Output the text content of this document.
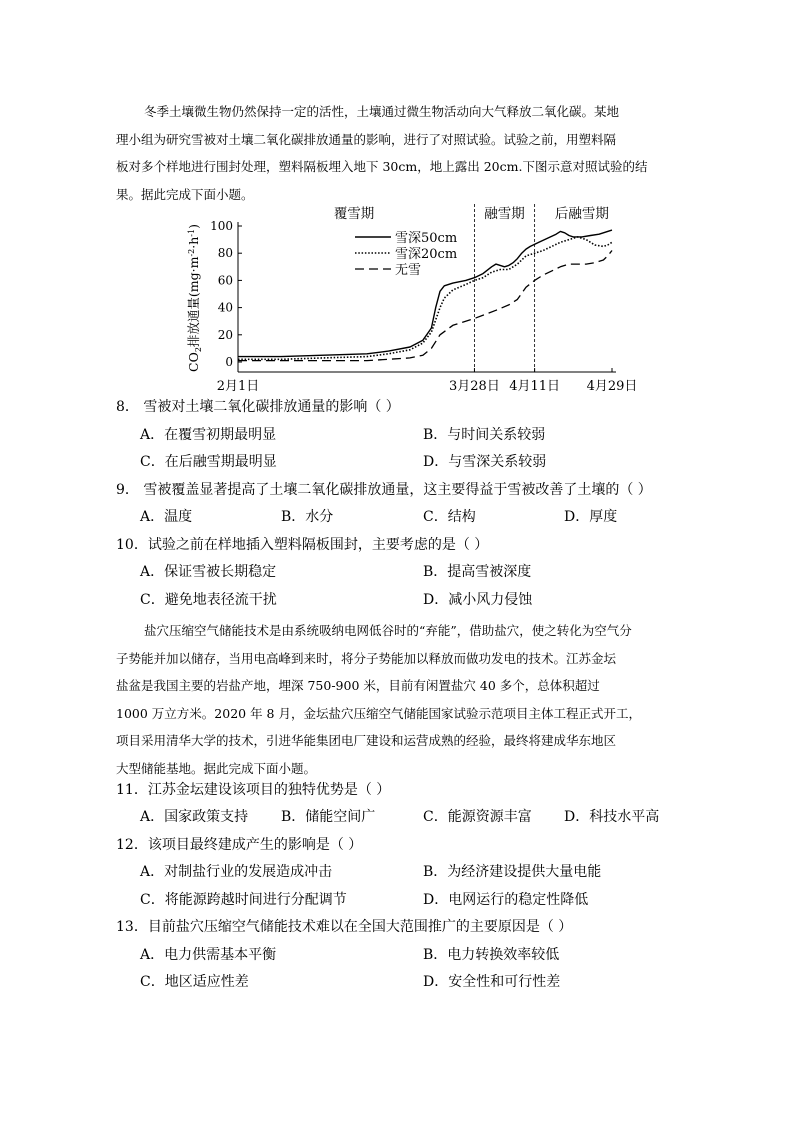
冬季土壤微生物仍然保持一定的活性，土壤通过微生物活动向大气释放二氧化碳。某地
理小组为研究雪被对土壤二氧化碳排放通量的影响，进行了对照试验。试验之前，用塑料隔
板对多个样地进行围封处理，塑料隔板埋入地下 30cm，地上露出 20cm.下图示意对照试验的结
果。据此完成下面小题。

0
20
40
60
80
100
2月1日	3月28日 4月11日 4月29日
覆雪期	融雪期 后融雪期
$CO_2$排放通量$(mg\cdot m^{-2}\cdot h^{-1})$
雪深50cm
雪深20cm
无雪

8． 雪被对土壤二氧化碳排放通量的影响（ ）

A．在覆雪初期最明显	B．与时间关系较弱
C．在后融雪期最明显	D．与雪深关系较弱

9． 雪被覆盖显著提高了土壤二氧化碳排放通量，这主要得益于雪被改善了土壤的（ ）

A．温度	B．水分	C．结构	D．厚度

10．试验之前在样地插入塑料隔板围封，主要考虑的是（ ）

A．保证雪被长期稳定	B．提高雪被深度
C．避免地表径流干扰	D．减小风力侵蚀

盐穴压缩空气储能技术是由系统吸纳电网低谷时的“弃能”，借助盐穴，使之转化为空气分
子势能并加以储存，当用电高峰到来时，将分子势能加以释放而做功发电的技术。江苏金坛
盐盆是我国主要的岩盐产地，埋深 750-900 米，目前有闲置盐穴 40 多个，总体积超过
1000 万立方米。2020 年 8 月，金坛盐穴压缩空气储能国家试验示范项目主体工程正式开工，
项目采用清华大学的技术，引进华能集团电厂建设和运营成熟的经验，最终将建成华东地区
大型储能基地。据此完成下面小题。

11．江苏金坛建设该项目的独特优势是（ ）

A．国家政策支持 B．储能空间广	C．能源资源丰富 D．科技水平高

12．该项目最终建成产生的影响是（ ）

A．对制盐行业的发展造成冲击	B．为经济建设提供大量电能
C．将能源跨越时间进行分配调节	D．电网运行的稳定性降低

13．目前盐穴压缩空气储能技术难以在全国大范围推广的主要原因是（ ）

A．电力供需基本平衡	B．电力转换效率较低
C．地区适应性差	D．安全性和可行性差
